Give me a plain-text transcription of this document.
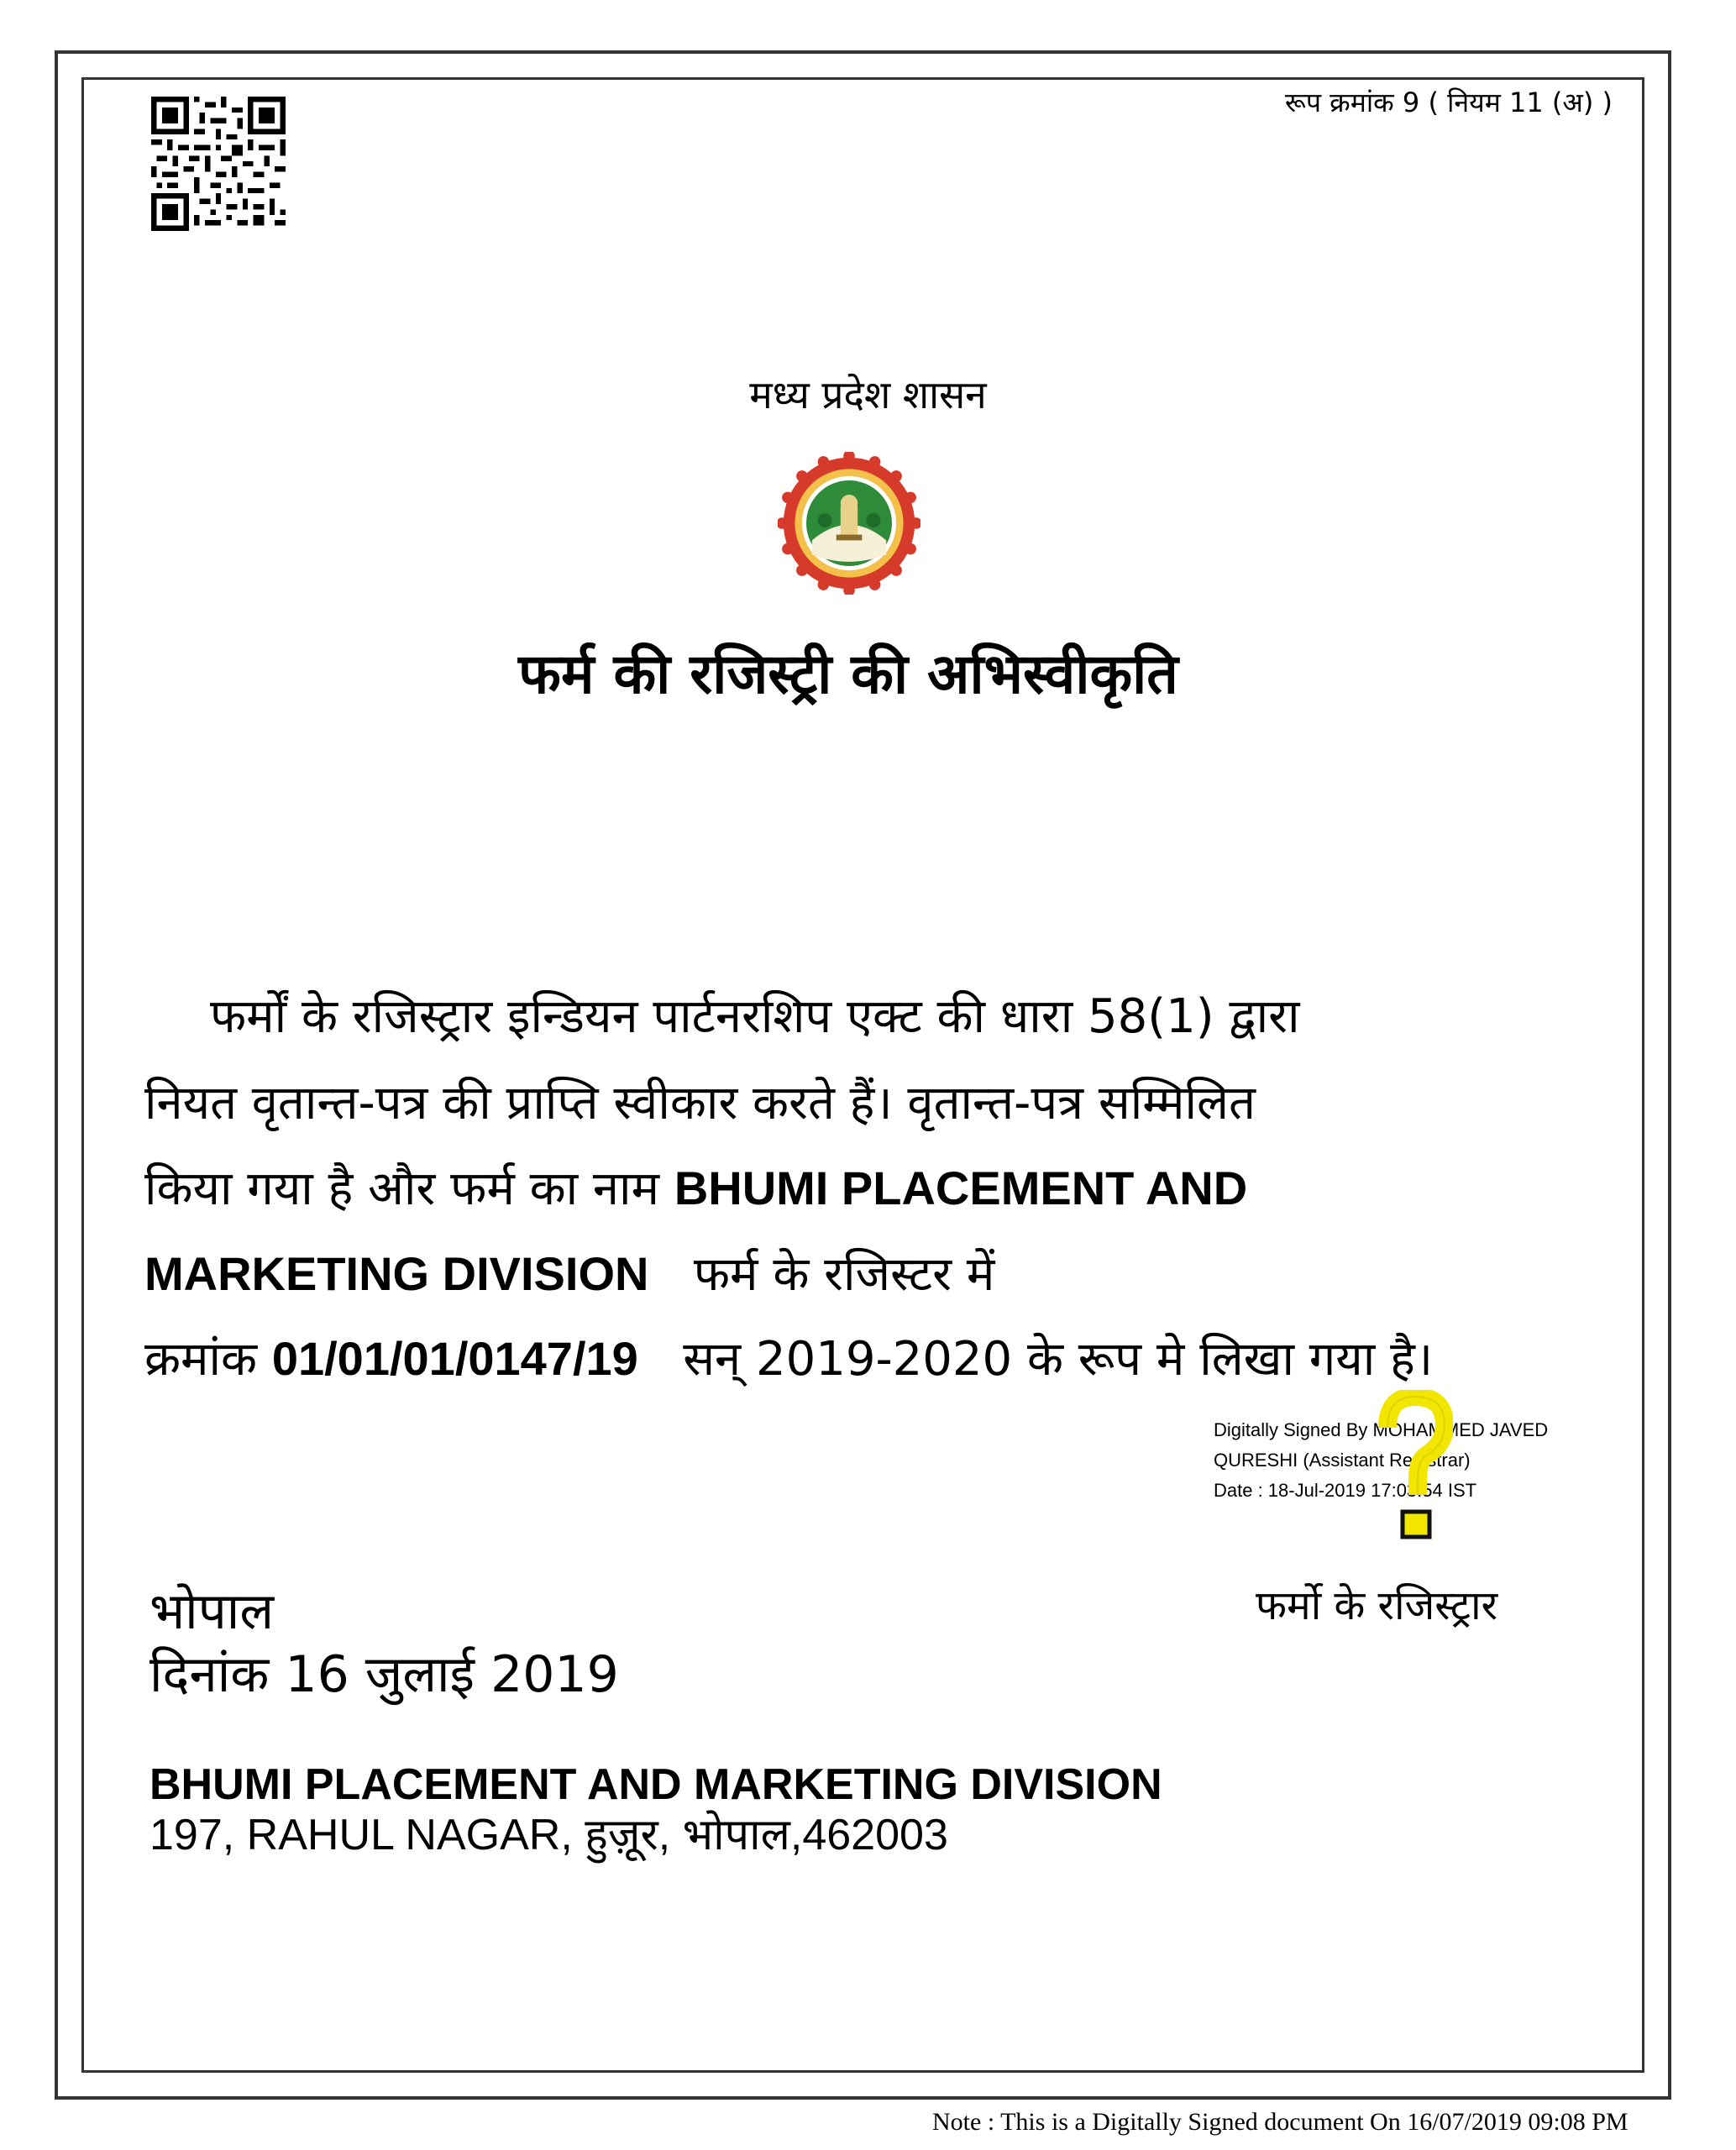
रूप क्रमांक 9 ( नियम 11 (अ) )
मध्य प्रदेश शासन
फर्म की रजिस्ट्री की अभिस्वीकृति
फर्मों के रजिस्ट्रार इन्डियन पार्टनरशिप एक्ट की धारा 58(1) द्वारा
नियत वृतान्त-पत्र की प्राप्ति स्वीकार करते हैं। वृतान्त-पत्र सम्मिलित
किया गया है और फर्म का नाम BHUMI PLACEMENT AND
MARKETING DIVISION फर्म के रजिस्टर में
क्रमांक 01/01/01/0147/19 सन् 2019-2020 के रूप मे लिखा गया है।
Digitally Signed By MOHAMMED JAVED
QURESHI (Assistant Registrar)
Date : 18-Jul-2019 17:03:54 IST
भोपाल
दिनांक 16 जुलाई 2019
फर्मो के रजिस्ट्रार
BHUMI PLACEMENT AND MARKETING DIVISION
197, RAHUL NAGAR, हुज़ूर, भोपाल,462003
Note : This is a Digitally Signed document On 16/07/2019 09:08 PM
